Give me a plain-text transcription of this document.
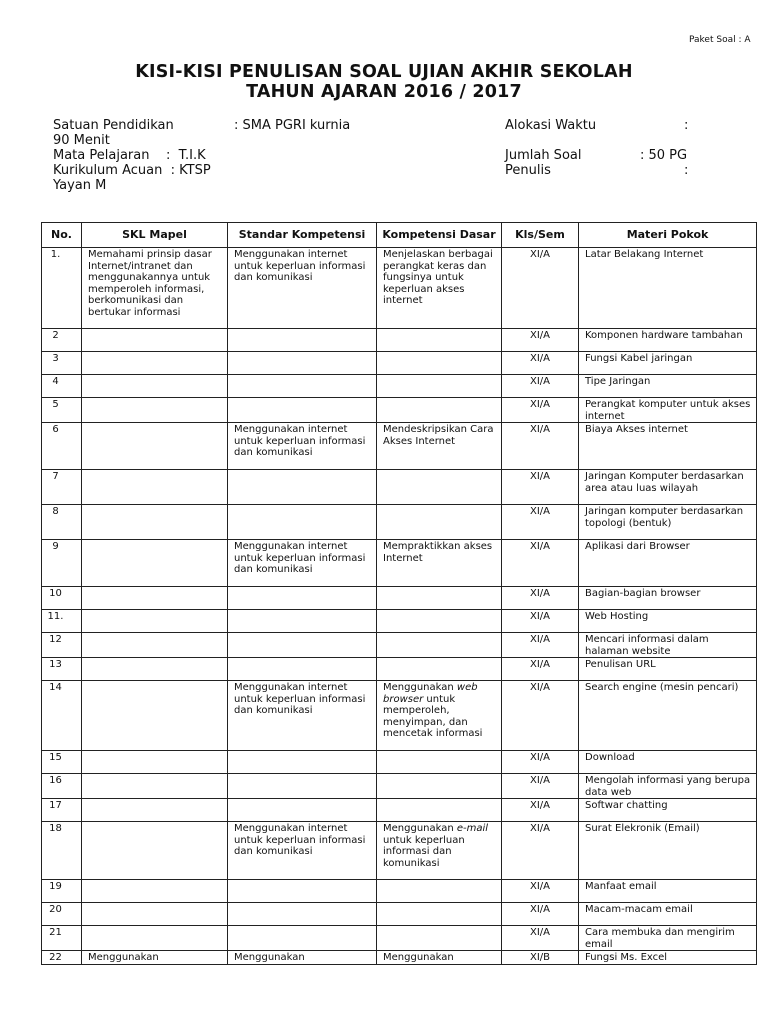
Paket Soal : A
KISI-KISI PENULISAN SOAL UJIAN AKHIR SEKOLAH
TAHUN AJARAN 2016 / 2017
Satuan Pendidikan	: SMA PGRI kurnia	Alokasi Waktu	:
90 Menit
Mata Pelajaran    :  T.I.K	Jumlah Soal	: 50 PG
Kurikulum Acuan  : KTSP	Penulis	:
Yayan M
No.	SKL Mapel	Standar Kompetensi	Kompetensi Dasar	Kls/Sem	Materi Pokok
1.	Memahami prinsip dasar Internet/intranet dan menggunakannya untuk memperoleh informasi, berkomunikasi dan bertukar informasi	Menggunakan internet untuk keperluan informasi dan komunikasi	Menjelaskan berbagai perangkat keras dan fungsinya untuk keperluan akses internet	XI/A	Latar Belakang Internet
2				XI/A	Komponen hardware tambahan
3				XI/A	Fungsi Kabel jaringan
4				XI/A	Tipe Jaringan
5				XI/A	Perangkat komputer untuk akses internet
6		Menggunakan internet untuk keperluan informasi dan komunikasi	Mendeskripsikan Cara Akses Internet	XI/A	Biaya Akses internet
7				XI/A	Jaringan Komputer berdasarkan area atau luas wilayah
8				XI/A	Jaringan komputer berdasarkan topologi (bentuk)
9		Menggunakan internet untuk keperluan informasi dan komunikasi	Mempraktikkan akses Internet	XI/A	Aplikasi dari Browser
10				XI/A	Bagian-bagian browser
11.				XI/A	Web Hosting
12				XI/A	Mencari informasi dalam halaman website
13				XI/A	Penulisan URL
14		Menggunakan internet untuk keperluan informasi dan komunikasi	Menggunakan web browser untuk memperoleh, menyimpan, dan mencetak informasi	XI/A	Search engine (mesin pencari)
15				XI/A	Download
16				XI/A	Mengolah informasi yang berupa data web
17				XI/A	Softwar chatting
18		Menggunakan internet untuk keperluan informasi dan komunikasi	Menggunakan e-mail untuk keperluan informasi dan komunikasi	XI/A	Surat Elekronik (Email)
19				XI/A	Manfaat email
20				XI/A	Macam-macam email
21				XI/A	Cara membuka dan mengirim email
22	Menggunakan	Menggunakan	Menggunakan	XI/B	Fungsi Ms. Excel
